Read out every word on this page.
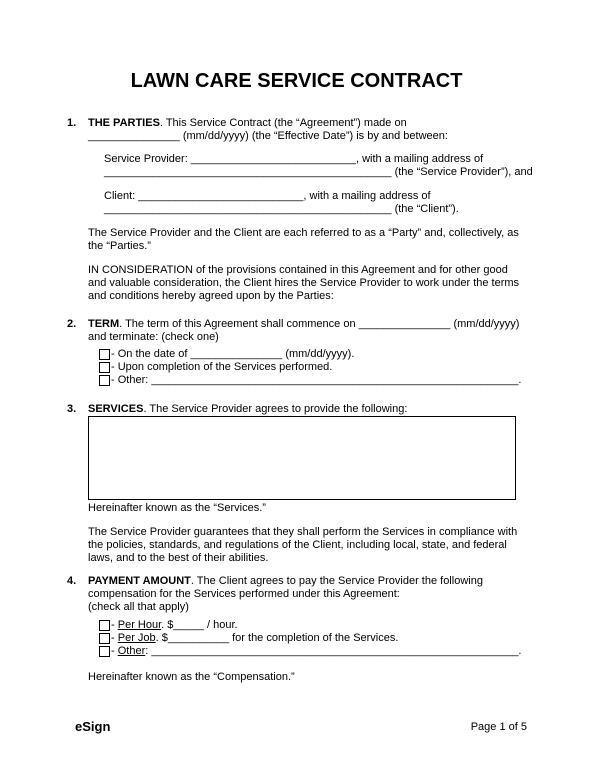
LAWN CARE SERVICE CONTRACT
1. THE PARTIES. This Service Contract (the “Agreement”) made on
_______________ (mm/dd/yyyy) (the “Effective Date”) is by and between:
Service Provider: ___________________________, with a mailing address of
_______________________________________________ (the “Service Provider”), and
Client: ___________________________, with a mailing address of
_______________________________________________ (the “Client”).
The Service Provider and the Client are each referred to as a “Party” and, collectively, as the “Parties.”
IN CONSIDERATION of the provisions contained in this Agreement and for other good and valuable consideration, the Client hires the Service Provider to work under the terms and conditions hereby agreed upon by the Parties:
2. TERM. The term of this Agreement shall commence on _______________ (mm/dd/yyyy)
and terminate: (check one)
- On the date of _______________ (mm/dd/yyyy).
- Upon completion of the Services performed.
- Other: ____________________________________________________________.
3. SERVICES. The Service Provider agrees to provide the following:
Hereinafter known as the “Services.”
The Service Provider guarantees that they shall perform the Services in compliance with the policies, standards, and regulations of the Client, including local, state, and federal laws, and to the best of their abilities.
4. PAYMENT AMOUNT. The Client agrees to pay the Service Provider the following
compensation for the Services performed under this Agreement:
(check all that apply)
- Per Hour. $_____ / hour.
- Per Job. $__________ for the completion of the Services.
- Other: ____________________________________________________________.
Hereinafter known as the “Compensation.”
eSign	Page 1 of 5
